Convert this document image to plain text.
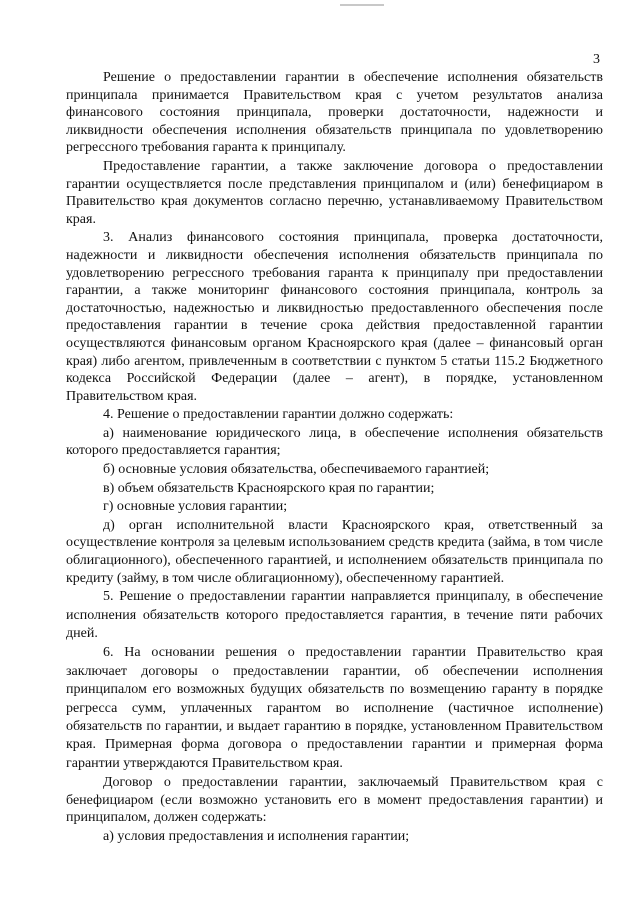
3

Решение о предоставлении гарантии в обеспечение исполнения обязательств принципала принимается Правительством края с учетом результатов анализа финансового состояния принципала, проверки достаточности, надежности и ликвидности обеспечения исполнения обязательств принципала по удовлетворению регрессного требования гаранта к принципалу.

Предоставление гарантии, а также заключение договора о предоставлении гарантии осуществляется после представления принципалом и (или) бенефициаром в Правительство края документов согласно перечню, устанавливаемому Правительством края.

3. Анализ финансового состояния принципала, проверка достаточности, надежности и ликвидности обеспечения исполнения обязательств принципала по удовлетворению регрессного требования гаранта к принципалу при предоставлении гарантии, а также мониторинг финансового состояния принципала, контроль за достаточностью, надежностью и ликвидностью предоставленного обеспечения после предоставления гарантии в течение срока действия предоставленной гарантии осуществляются финансовым органом Красноярского края (далее – финансовый орган края) либо агентом, привлеченным в соответствии с пунктом 5 статьи 115.2 Бюджетного кодекса Российской Федерации (далее – агент), в порядке, установленном Правительством края.

4. Решение о предоставлении гарантии должно содержать:

а) наименование юридического лица, в обеспечение исполнения обязательств которого предоставляется гарантия;

б) основные условия обязательства, обеспечиваемого гарантией;

в) объем обязательств Красноярского края по гарантии;

г) основные условия гарантии;

д) орган исполнительной власти Красноярского края, ответственный за осуществление контроля за целевым использованием средств кредита (займа, в том числе облигационного), обеспеченного гарантией, и исполнением обязательств принципала по кредиту (займу, в том числе облигационному), обеспеченному гарантией.

5. Решение о предоставлении гарантии направляется принципалу, в обеспечение исполнения обязательств которого предоставляется гарантия, в течение пяти рабочих дней.

6. На основании решения о предоставлении гарантии Правительство края заключает договоры о предоставлении гарантии, об обеспечении исполнения принципалом его возможных будущих обязательств по возмещению гаранту в порядке регресса сумм, уплаченных гарантом во исполнение (частичное исполнение) обязательств по гарантии, и выдает гарантию в порядке, установленном Правительством края. Примерная форма договора о предоставлении гарантии и примерная форма гарантии утверждаются Правительством края.

Договор о предоставлении гарантии, заключаемый Правительством края с бенефициаром (если возможно установить его в момент предоставления гарантии) и принципалом, должен содержать:

а) условия предоставления и исполнения гарантии;
